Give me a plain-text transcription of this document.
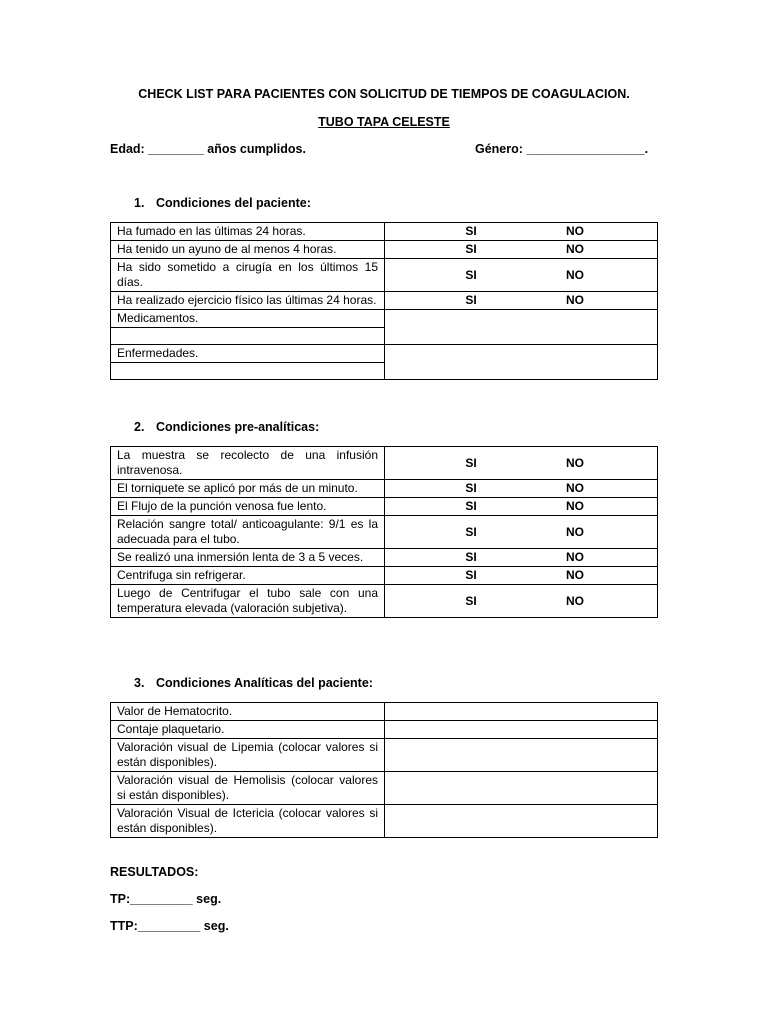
CHECK LIST PARA PACIENTES CON SOLICITUD DE TIEMPOS DE COAGULACION.
TUBO TAPA CELESTE
Edad: ________ años cumplidos.	Género: _________________.
1. Condiciones del paciente:
Ha fumado en las últimas 24 horas.	SI NO

Ha tenido un ayuno de al menos 4 horas.	SI NO

Ha sido sometido a cirugía en los últimos 15 días.	SI NO

Ha realizado ejercicio físico las últimas 24 horas.	SI NO

Medicamentos.	

Enfermedades.	

2. Condiciones pre-analíticas:
La muestra se recolecto de una infusión intravenosa.	SI NO

El torniquete se aplicó por más de un minuto.	SI NO

El Flujo de la punción venosa fue lento.	SI NO

Relación sangre total/ anticoagulante: 9/1 es la adecuada para el tubo.	SI NO

Se realizó una inmersión lenta de 3 a 5 veces.	SI NO

Centrifuga sin refrigerar.	SI NO

Luego de Centrifugar el tubo sale con una temperatura elevada (valoración subjetiva).	SI NO
3. Condiciones Analíticas del paciente:
Valor de Hematocrito.	
Contaje plaquetario.	
Valoración visual de Lipemia (colocar valores si están disponibles).	
Valoración visual de Hemolisis (colocar valores si están disponibles).	
Valoración Visual de Ictericia (colocar valores si están disponibles).	
RESULTADOS:
TP:_________ seg.
TTP:_________ seg.
